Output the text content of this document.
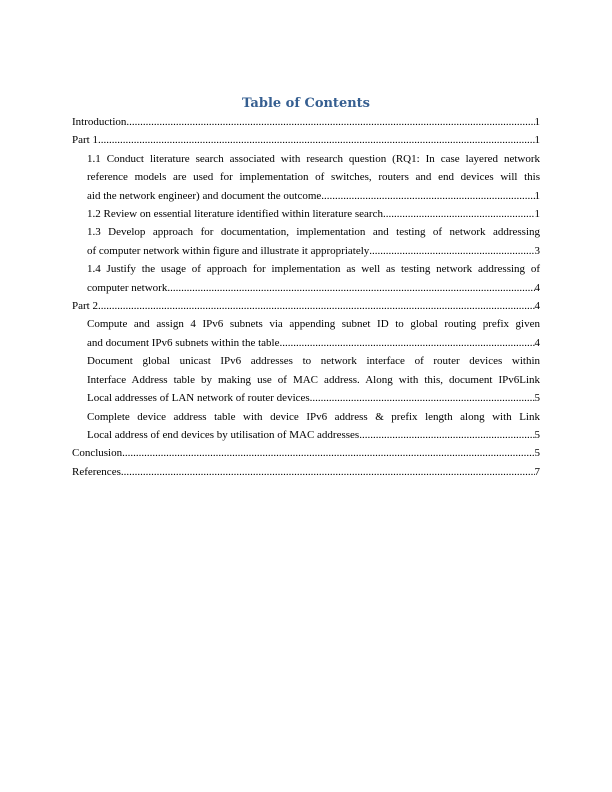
Table of Contents
Introduction .....	1
Part 1 .....	1
1.1 Conduct literature search associated with research question (RQ1: In case layered network
reference models are used for implementation of switches, routers and end devices will this
aid the network engineer) and document the outcome .....	1
1.2 Review on essential literature identified within literature search .....	1
1.3 Develop approach for documentation, implementation and testing of network addressing
of computer network within figure and illustrate it appropriately .....	3
1.4 Justify the usage of approach for implementation as well as testing network addressing of
computer network .....	4
Part 2 .....	4
Compute and assign 4 IPv6 subnets via appending subnet ID to global routing prefix given
and document IPv6 subnets within the table .....	4
Document global unicast IPv6 addresses to network interface of router devices within
Interface Address table by making use of MAC address. Along with this, document IPv6Link
Local addresses of LAN network of router devices .....	5
Complete device address table with device IPv6 address & prefix length along with Link
Local address of end devices by utilisation of MAC addresses .....	5
Conclusion .....	5
References .....	7
